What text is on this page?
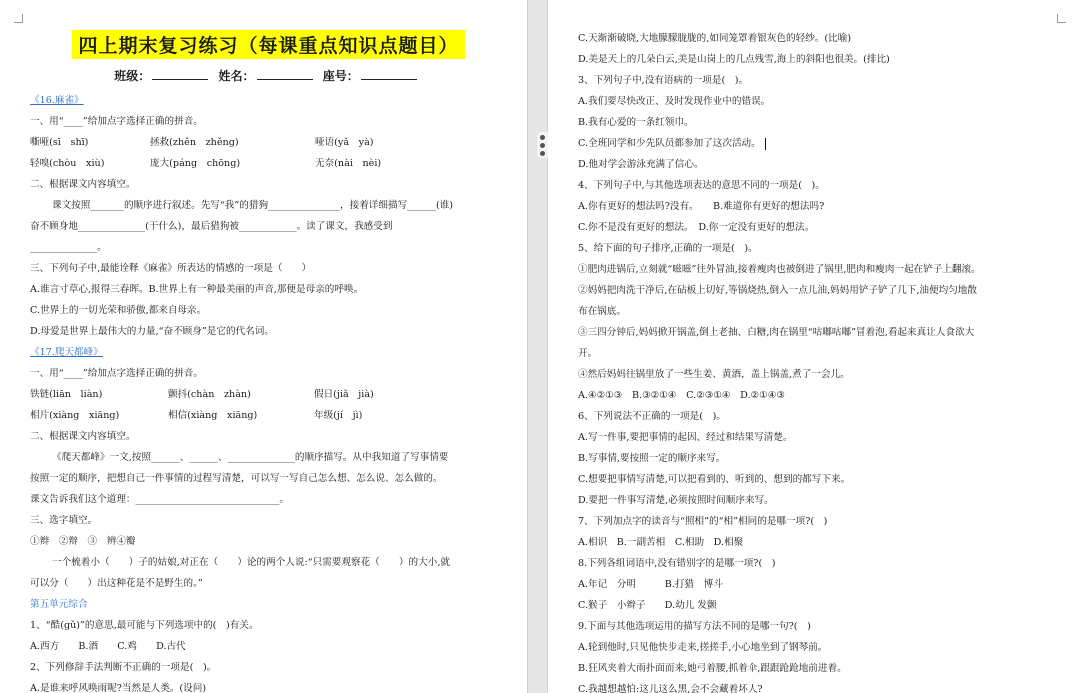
四上期末复习练习（每课重点知识点题目）
班级：	姓名：	座号：
《16.麻雀》
一、用“____”给加点字选择正确的拼音。
嘶哑(sī　shī)	拯救(zhěn　zhěng)	哑语(yǎ　yà)
轻嗅(chòu　xiù)	庞大(páng　chōng)	无奈(nài　nèi)
二、根据课文内容填空。
课文按照_______的顺序进行叙述。先写“我”的猎狗_______________，接着详细描写______(谁)
奋不顾身地______________(干什么)，最后猎狗被____________。读了课文，我感受到
______________。
三、下列句子中,最能诠释《麻雀》所表达的情感的一项是（　　）
A.谁言寸草心,报得三春晖。B.世界上有一种最美丽的声音,那便是母亲的呼唤。
C.世界上的一切光荣和骄傲,都来自母亲。
D.母爱是世界上最伟大的力量,“奋不顾身”是它的代名词。
《17.爬天都峰》
一、用“____”给加点字选择正确的拼音。
铁链(liān　liàn)	颤抖(chàn　zhàn)	假日(jiǎ　jià)
相片(xiàng　xiāng)	相信(xiàng　xiāng)	年级(jí　jì)
二、根据课文内容填空。
《爬天都峰》一文,按照______、______、______________的顺序描写。从中我知道了写事情要
按照一定的顺序，把想自己一件事情的过程写清楚，可以写一写自己怎么想、怎么说、怎么做的。
课文告诉我们这个道理：______________________________。
三、选字填空。
①辫　②辩　③　辨④瓣
一个梳着小（　　）子的姑娘,对正在（　　）论的两个人说:“只需要观察花（　　）的大小,就
可以分（　　）出这种花是不是野生的。”
第五单元综合
1、“酷(gǔ)”的意思,最可能与下列选项中的(　)有关。
A.西方　　B.酒　　C.鸡　　D.古代
2、下列修辞手法判断不正确的一项是(　)。
A.是谁来呼风唤雨呢?当然是人类。(设问)
C.天渐渐破晓,大地朦朦胧胧的,如同笼罩着银灰色的轻纱。(比喻)
D.美是天上的几朵白云,美是山岗上的几点残雪,海上的斜阳也很美。(排比)
3、下列句子中,没有语病的一项是(　)。
A.我们要尽快改正、及时发现作业中的错误。
B.我有心爱的一条红领巾。
C.全班同学和少先队员都参加了这次活动。
D.他对学会游泳充满了信心。
4、下列句子中,与其他选项表达的意思不同的一项是(　)。
A.你有更好的想法吗?没有。　　B.难道你有更好的想法吗?
C.你不是没有更好的想法。　D.你一定没有更好的想法。
5、给下面的句子排序,正确的一项是(　)。
①肥肉进锅后,立刻就“嗞嗞”往外冒油,接着瘦肉也被倒进了锅里,肥肉和瘦肉一起在铲子上翻滚。
②妈妈把肉洗干净后,在砧板上切好,等锅烧热,倒入一点儿油,妈妈用铲子铲了几下,油便均匀地散
布在锅底。
③三四分钟后,妈妈掀开锅盖,倒上老抽、白糖,肉在锅里“咕嘟咕嘟”冒着泡,看起来真让人食欲大
开。
④然后妈妈往锅里放了一些生姜、黄酒，盖上锅盖,煮了一会儿。
A.④②①③　B.③②①④　C.②③①④　D.②①④③
6、下列说法不正确的一项是(　)。
A.写一件事,要把事情的起因、经过和结果写清楚。
B.写事情,要按照一定的顺序来写。
C.想要把事情写清楚,可以把看到的、听到的、想到的都写下来。
D.要把一件事写清楚,必须按照时间顺序来写。
7、下列加点字的读音与“照相”的“相”相同的是哪一项?(　)
A.相识　B.一副苦相　C.相助　D.相聚
8.下列各组词语中,没有错别字的是哪一项?(　)
A.年记　分明　　　B.打猎　博斗
C.猴子　小辫子　　D.幼儿 发颤
9.下面与其他选项运用的描写方法不同的是哪一句?(　)
A.轮到他时,只见他快步走来,搓搓手,小心地坐到了钢琴前。
B.狂风夹着大雨扑面而来,她弓着腰,抓着伞,跟跟跄跄地前进着。
C.我越想越怕:这儿这么黑,会不会藏着坏人?
